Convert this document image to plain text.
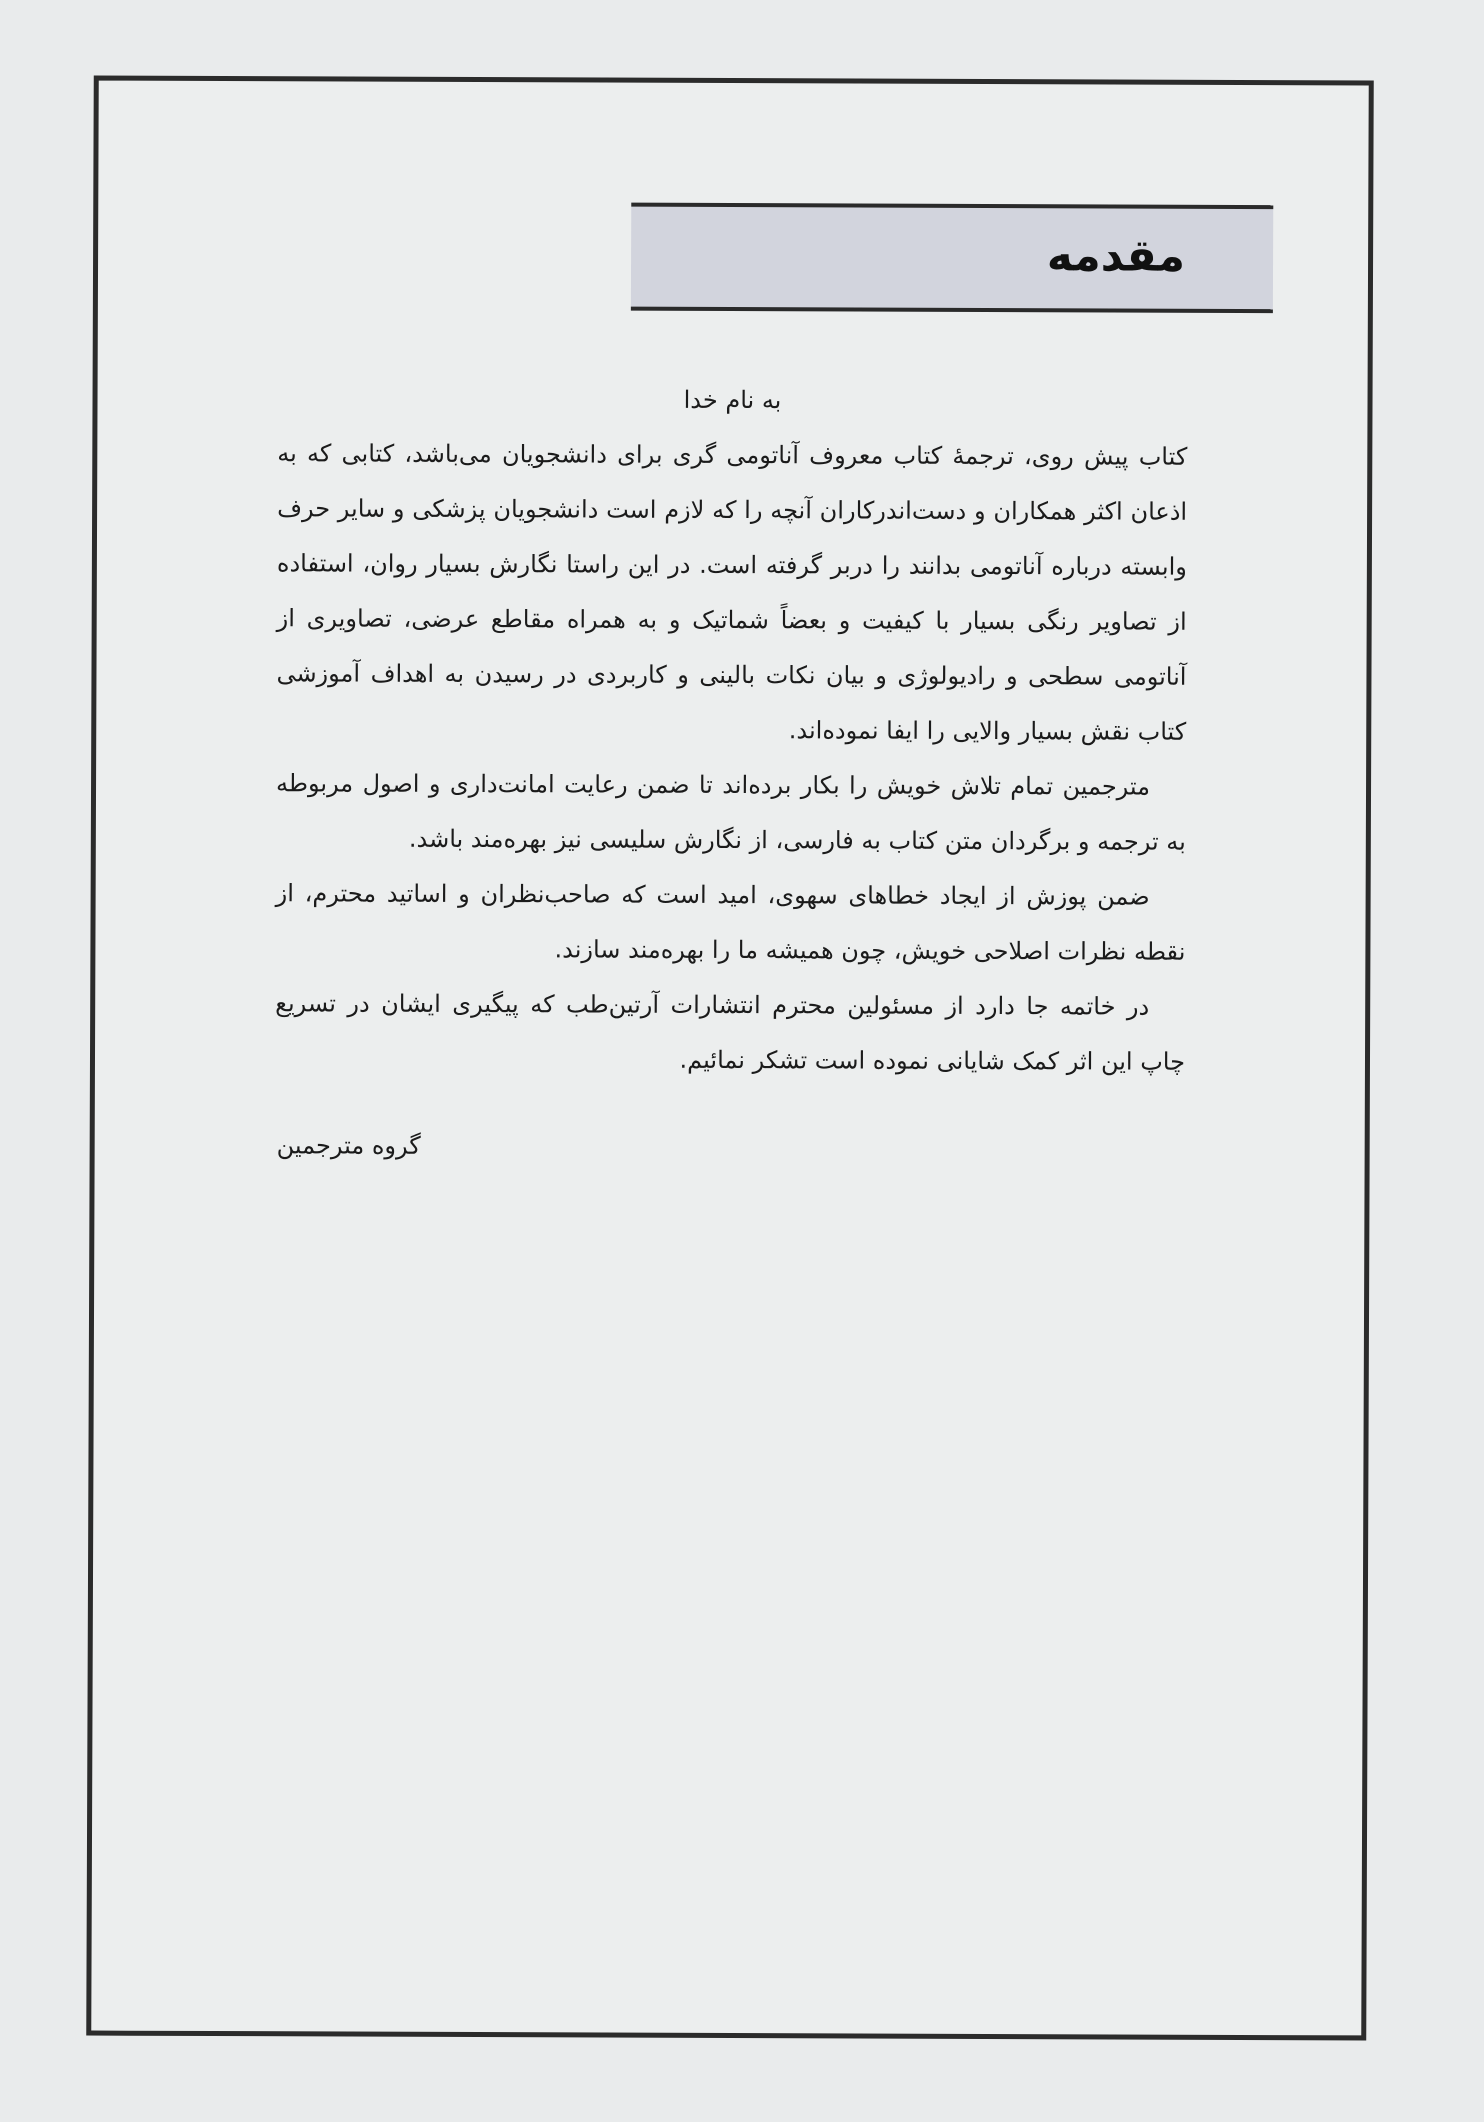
مقدمه

به نام خدا

کتاب پیش روی، ترجمهٔ کتاب معروف آناتومی گری برای دانشجویان می‌باشد، کتابی که به اذعان اکثر همکاران و دست‌اندرکاران آنچه را که لازم است دانشجویان پزشکی و سایر حرف وابسته درباره آناتومی بدانند را دربر گرفته است. در این راستا نگارش بسیار روان، استفاده از تصاویر رنگی بسیار با کیفیت و بعضاً شماتیک و به همراه مقاطع عرضی، تصاویری از آناتومی سطحی و رادیولوژی و بیان نکات بالینی و کاربردی در رسیدن به اهداف آموزشی کتاب نقش بسیار والایی را ایفا نموده‌اند.

مترجمین تمام تلاش خویش را بکار برده‌اند تا ضمن رعایت امانت‌داری و اصول مربوطه به ترجمه و برگردان متن کتاب به فارسی، از نگارش سلیسی نیز بهره‌مند باشد.

ضمن پوزش از ایجاد خطاهای سهوی، امید است که صاحب‌نظران و اساتید محترم، از نقطه نظرات اصلاحی خویش، چون همیشه ما را بهره‌مند سازند.

در خاتمه جا دارد از مسئولین محترم انتشارات آرتین‌طب که پیگیری ایشان در تسریع چاپ این اثر کمک شایانی نموده است تشکر نمائیم.

گروه مترجمین
